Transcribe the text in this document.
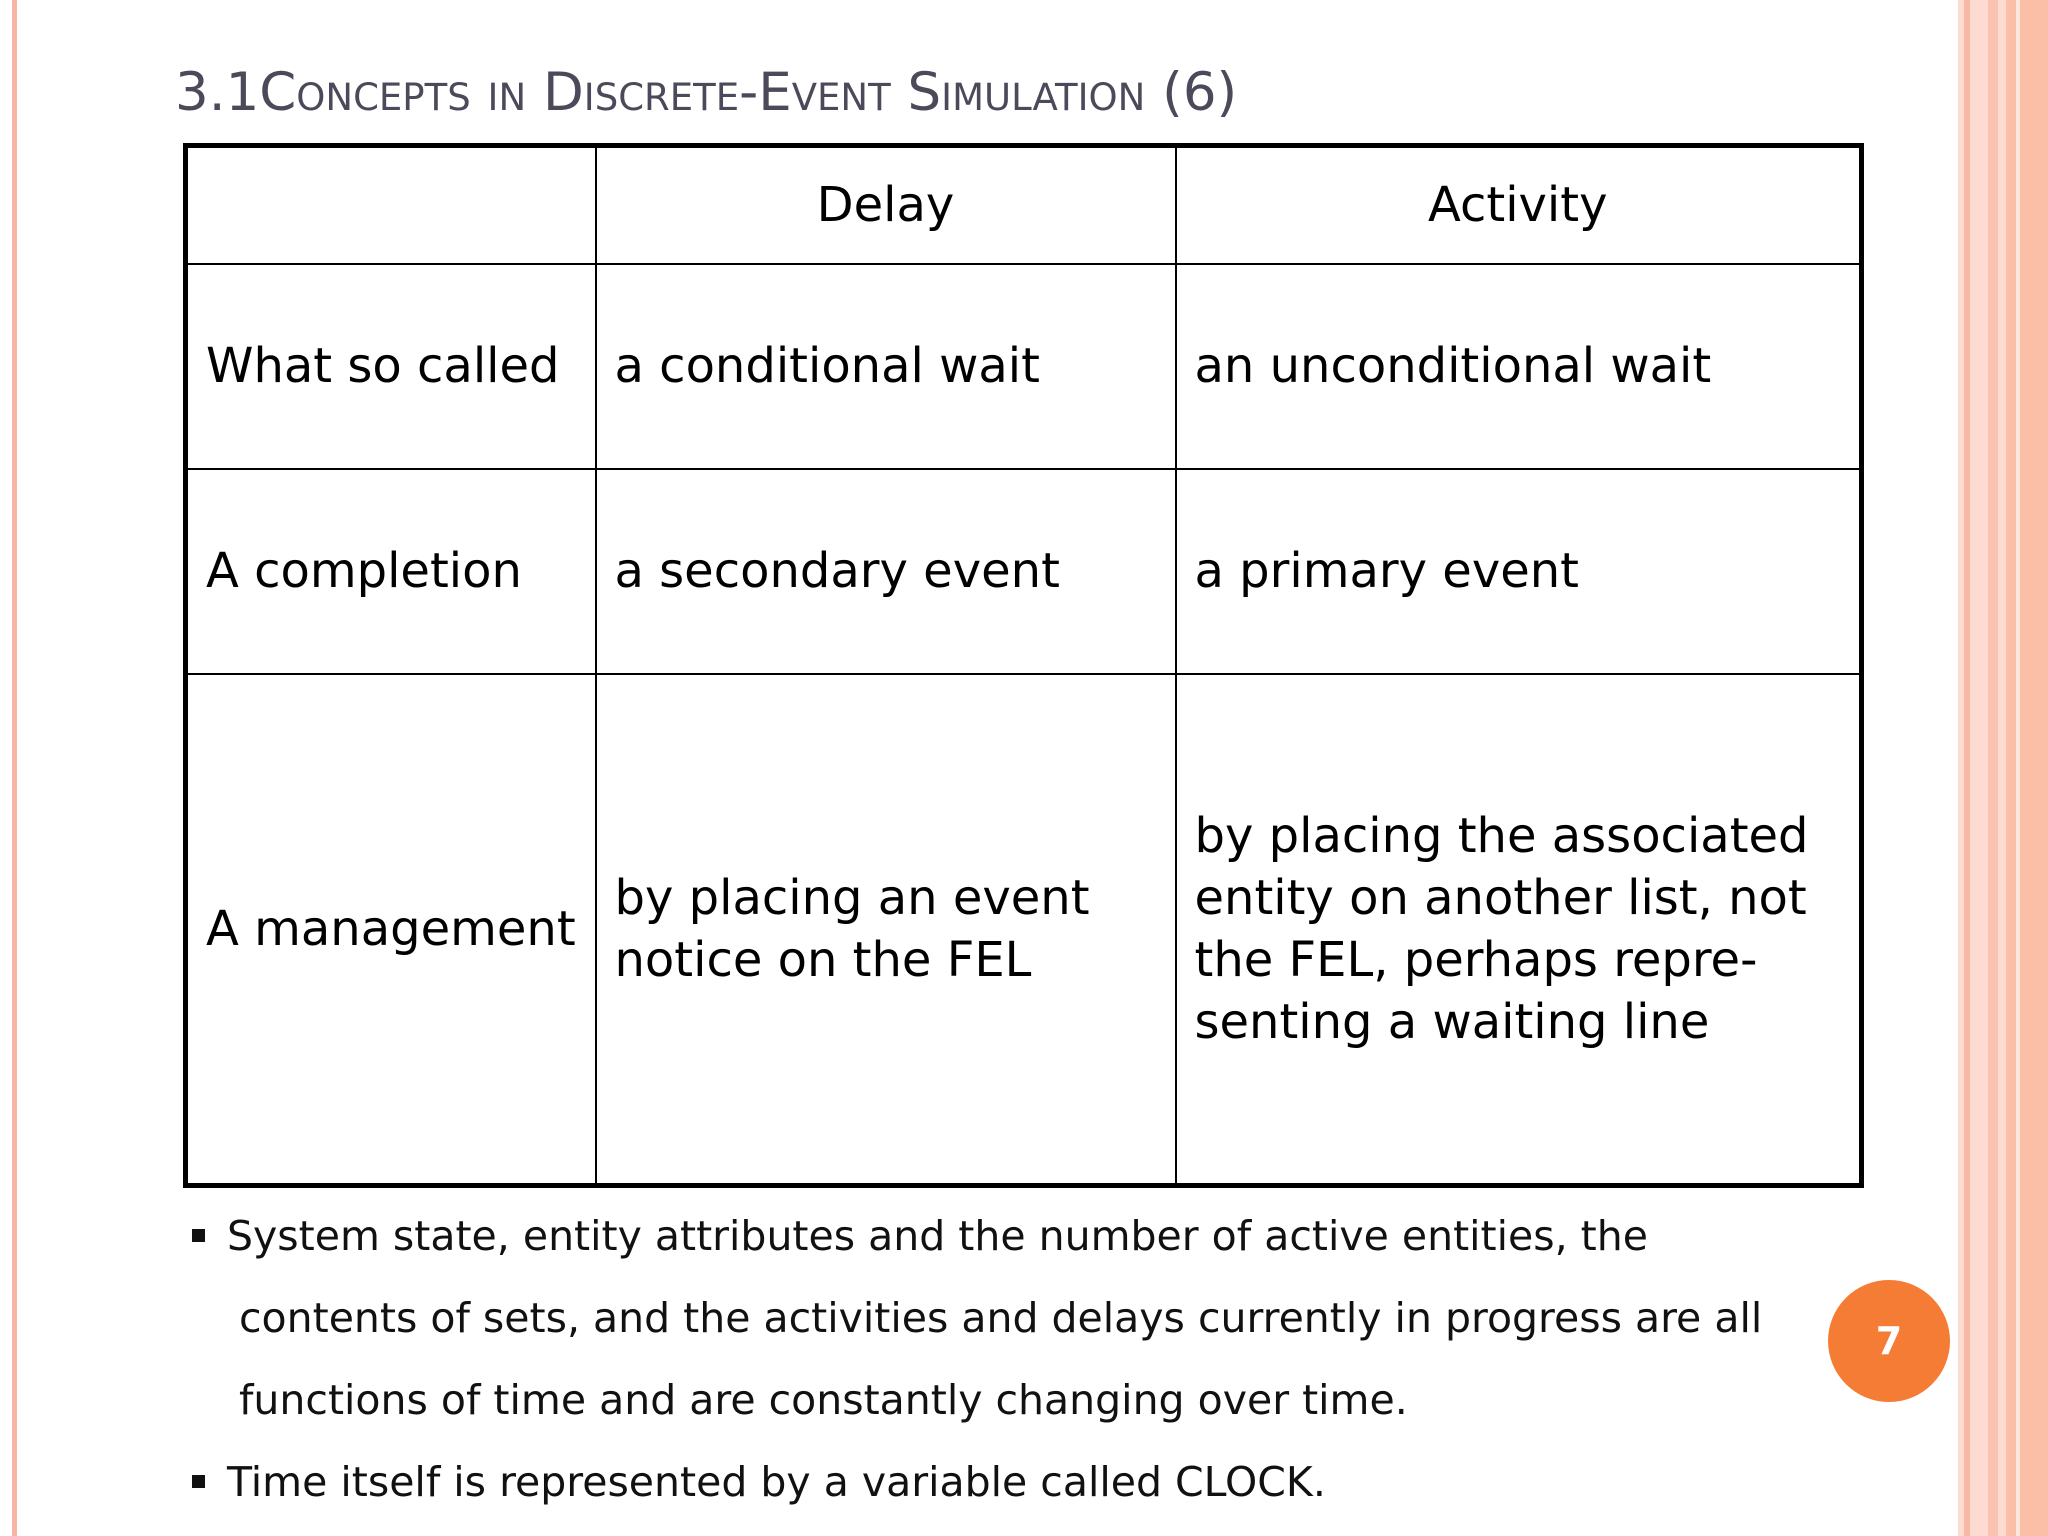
3.1Concepts in Discrete-Event Simulation (6)
	Delay	Activity
What so called	a conditional wait	an unconditional wait
A completion	a secondary event	a primary event
A management	by placing an event notice on the FEL	by placing the associated entity on another list, not the FEL, perhaps repre-senting a waiting line
System state, entity attributes and the number of active entities, the
contents of sets, and the activities and delays currently in progress are all
functions of time and are constantly changing over time.
Time itself is represented by a variable called CLOCK.
7
